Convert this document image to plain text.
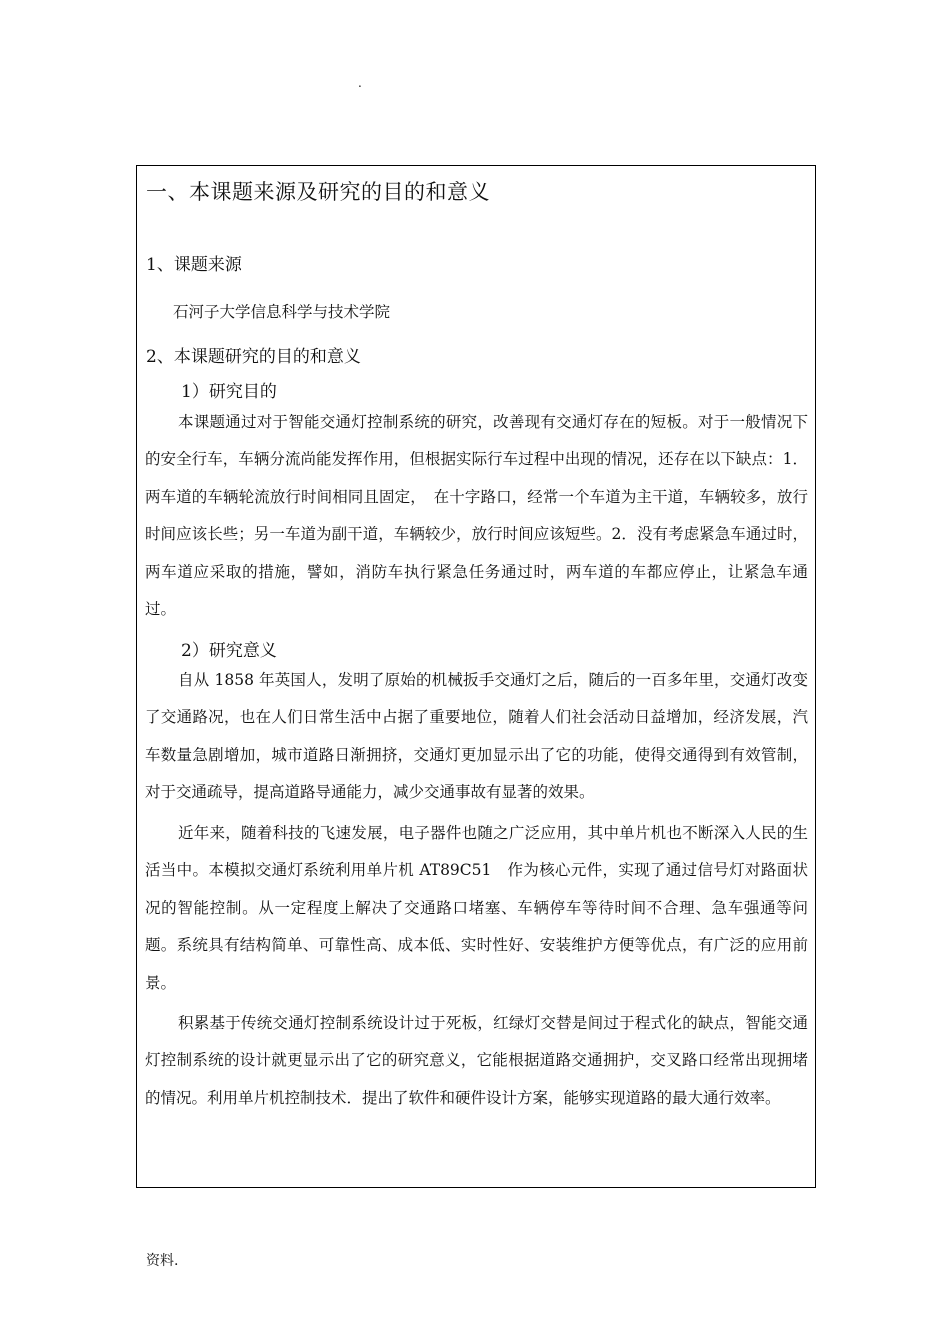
.
一、本课题来源及研究的目的和意义
1、课题来源
石河子大学信息科学与技术学院
2、本课题研究的目的和意义
1）研究目的

本课题通过对于智能交通灯控制系统的研究，改善现有交通灯存在的短板。对于一般情况下的安全行车，车辆分流尚能发挥作用，但根据实际行车过程中出现的情况，还存在以下缺点：1．两车道的车辆轮流放行时间相同且固定，　在十字路口，经常一个车道为主干道，车辆较多，放行时间应该长些；另一车道为副干道，车辆较少，放行时间应该短些。2．没有考虑紧急车通过时，两车道应采取的措施，譬如，消防车执行紧急任务通过时，两车道的车都应停止，让紧急车通过。

2）研究意义

自从 1858 年英国人，发明了原始的机械扳手交通灯之后，随后的一百多年里，交通灯改变了交通路况，也在人们日常生活中占据了重要地位，随着人们社会活动日益增加，经济发展，汽车数量急剧增加，城市道路日渐拥挤，交通灯更加显示出了它的功能，使得交通得到有效管制，对于交通疏导，提高道路导通能力，减少交通事故有显著的效果。

近年来，随着科技的飞速发展，电子器件也随之广泛应用，其中单片机也不断深入人民的生活当中。本模拟交通灯系统利用单片机 AT89C51　作为核心元件，实现了通过信号灯对路面状况的智能控制。从一定程度上解决了交通路口堵塞、车辆停车等待时间不合理、急车强通等问题。系统具有结构简单、可靠性高、成本低、实时性好、安装维护方便等优点，有广泛的应用前景。

积累基于传统交通灯控制系统设计过于死板，红绿灯交替是间过于程式化的缺点，智能交通灯控制系统的设计就更显示出了它的研究意义，它能根据道路交通拥护，交叉路口经常出现拥堵的情况。利用单片机控制技术．提出了软件和硬件设计方案，能够实现道路的最大通行效率。

资料.
